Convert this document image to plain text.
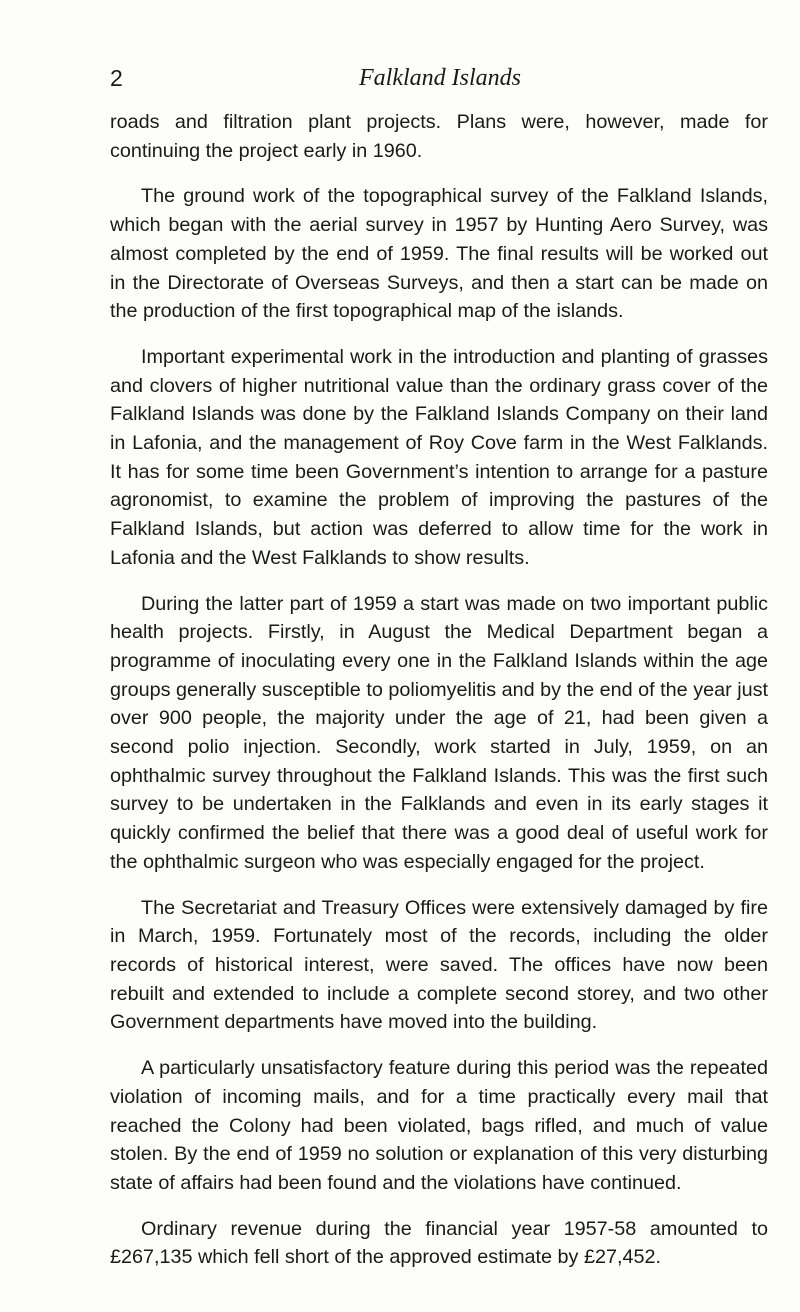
2	Falkland Islands

roads and filtration plant projects. Plans were, however, made for continuing the project early in 1960.

The ground work of the topographical survey of the Falkland Islands, which began with the aerial survey in 1957 by Hunting Aero Survey, was almost completed by the end of 1959. The final results will be worked out in the Directorate of Overseas Surveys, and then a start can be made on the production of the first topographical map of the islands.

Important experimental work in the introduction and planting of grasses and clovers of higher nutritional value than the ordinary grass cover of the Falkland Islands was done by the Falkland Islands Company on their land in Lafonia, and the management of Roy Cove farm in the West Falklands. It has for some time been Government’s intention to arrange for a pasture agronomist, to examine the problem of improving the pastures of the Falkland Islands, but action was deferred to allow time for the work in Lafonia and the West Falklands to show results.

During the latter part of 1959 a start was made on two important public health projects. Firstly, in August the Medical Department began a programme of inoculating every one in the Falkland Islands within the age groups generally susceptible to poliomyelitis and by the end of the year just over 900 people, the majority under the age of 21, had been given a second polio injection. Secondly, work started in July, 1959, on an ophthalmic survey throughout the Falkland Islands. This was the first such survey to be undertaken in the Falklands and even in its early stages it quickly confirmed the belief that there was a good deal of useful work for the ophthalmic surgeon who was especially engaged for the project.

The Secretariat and Treasury Offices were extensively damaged by fire in March, 1959. Fortunately most of the records, including the older records of historical interest, were saved. The offices have now been rebuilt and extended to include a complete second storey, and two other Government departments have moved into the building.

A particularly unsatisfactory feature during this period was the repeated violation of incoming mails, and for a time practically every mail that reached the Colony had been violated, bags rifled, and much of value stolen. By the end of 1959 no solution or explanation of this very disturbing state of affairs had been found and the violations have continued.

Ordinary revenue during the financial year 1957-58 amounted to £267,135 which fell short of the approved estimate by £27,452.
